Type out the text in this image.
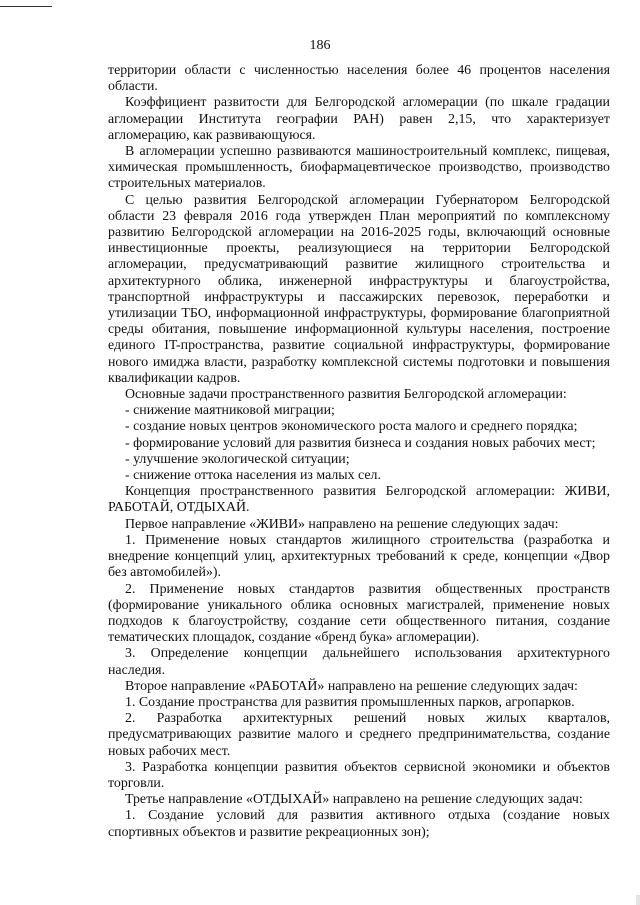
186

территории области с численностью населения более 46 процентов населения области.

Коэффициент развитости для Белгородской агломерации (по шкале градации агломерации Института географии РАН) равен 2,15, что характеризует агломерацию, как развивающуюся.

В агломерации успешно развиваются машиностроительный комплекс, пищевая, химическая промышленность, биофармацевтическое производство, производство строительных материалов.

С целью развития Белгородской агломерации Губернатором Белгородской области 23 февраля 2016 года утвержден План мероприятий по комплексному развитию Белгородской агломерации на 2016-2025 годы, включающий основные инвестиционные проекты, реализующиеся на территории Белгородской агломерации, предусматривающий развитие жилищного строительства и архитектурного облика, инженерной инфраструктуры и благоустройства, транспортной инфраструктуры и пассажирских перевозок, переработки и утилизации ТБО, информационной инфраструктуры, формирование благоприятной среды обитания, повышение информационной культуры населения, построение единого IT-пространства, развитие социальной инфраструктуры, формирование нового имиджа власти, разработку комплексной системы подготовки и повышения квалификации кадров.

Основные задачи пространственного развития Белгородской агломерации:

- снижение маятниковой миграции;

- создание новых центров экономического роста малого и среднего порядка;

- формирование условий для развития бизнеса и создания новых рабочих мест;

- улучшение экологической ситуации;

- снижение оттока населения из малых сел.

Концепция пространственного развития Белгородской агломерации: ЖИВИ, РАБОТАЙ, ОТДЫХАЙ.

Первое направление «ЖИВИ» направлено на решение следующих задач:

1. Применение новых стандартов жилищного строительства (разработка и внедрение концепций улиц, архитектурных требований к среде, концепции «Двор без автомобилей»).

2. Применение новых стандартов развития общественных пространств (формирование уникального облика основных магистралей, применение новых подходов к благоустройству, создание сети общественного питания, создание тематических площадок, создание «бренд бука» агломерации).

3. Определение концепции дальнейшего использования архитектурного наследия.

Второе направление «РАБОТАЙ» направлено на решение следующих задач:

1. Создание пространства для развития промышленных парков, агропарков.

2. Разработка архитектурных решений новых жилых кварталов, предусматривающих развитие малого и среднего предпринимательства, создание новых рабочих мест.

3. Разработка концепции развития объектов сервисной экономики и объектов торговли.

Третье направление «ОТДЫХАЙ» направлено на решение следующих задач:

1. Создание условий для развития активного отдыха (создание новых спортивных объектов и развитие рекреационных зон);
